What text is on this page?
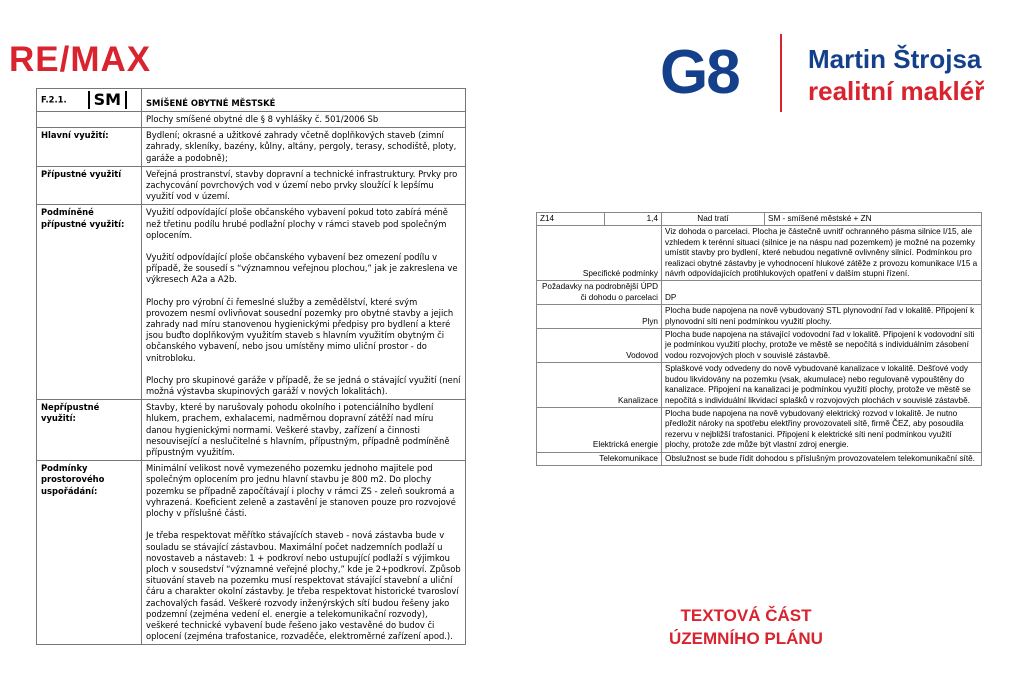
RE/MAX	G8	Martin Štrojsa
realitní makléř
F.2.1. SM	SMÍŠENÉ OBYTNÉ MĚSTSKÉ
	Plochy smíšené obytné dle § 8 vyhlášky č. 501/2006 Sb
Hlavní využití:	Bydlení; okrasné a užitkové zahrady včetně doplňkových staveb (zimní zahrady, skleníky, bazény, kůlny, altány, pergoly, terasy, schodiště, ploty, garáže a podobně);

Přípustné využití	Veřejná prostranství, stavby dopravní a technické infrastruktury. Prvky pro zachycování povrchových vod v území nebo prvky sloužící k lepšímu využití vod v území.

Podmíněné přípustné využití:	Využití odpovídající ploše občanského vybavení pokud toto zabírá méně než třetinu podílu hrubé podlažní plochy v rámci staveb pod společným oplocením.

Využití odpovídající ploše občanského vybavení bez omezení podílu v případě, že sousedí s “významnou veřejnou plochou,” jak je zakreslena ve výkresech A2a a A2b.

Plochy pro výrobní či řemeslné služby a zemědělství, které svým provozem nesmí ovlivňovat sousední pozemky pro obytné stavby a jejich zahrady nad míru stanovenou hygienickými předpisy pro bydlení a které jsou buďto doplňkovým využitím staveb s hlavním využitím obytným či občanského vybavení, nebo jsou umístěny mimo uliční prostor - do vnitrobloku.

Plochy pro skupinové garáže v případě, že se jedná o stávající využití (není možná výstavba skupinových garáží v nových lokalitách).

Nepřípustné využití:	Stavby, které by narušovaly pohodu okolního i potenciálního bydlení hlukem, prachem, exhalacemi, nadměrnou dopravní zátěží nad míru danou hygienickými normami. Veškeré stavby, zařízení a činnosti nesouvisející a neslučitelné s hlavním, přípustným, případně podmíněně přípustným využitím.

Podmínky prostorového uspořádání:	Minimální velikost nově vymezeného pozemku jednoho majitele pod společným oplocením pro jednu hlavní stavbu je 800 m2. Do plochy pozemku se případně započítávají i plochy v rámci ZS - zeleň soukromá a vyhrazená. Koeficient zeleně a zastavění je stanoven pouze pro rozvojové plochy v příslušné části.

Je třeba respektovat měřítko stávajících staveb - nová zástavba bude v souladu se stávající zástavbou. Maximální počet nadzemních podlaží u novostaveb a nástaveb: 1 + podkroví nebo ustupující podlaží s výjimkou ploch v sousedství “významné veřejné plochy,” kde je 2+podkroví. Způsob situování staveb na pozemku musí respektovat stávající stavební a uliční čáru a charakter okolní zástavby. Je třeba respektovat historické tvarosloví zachovalých fasád. Veškeré rozvody inženýrských sítí budou řešeny jako podzemní (zejména vedení el. energie a telekomunikační rozvody), veškeré technické vybavení bude řešeno jako vestavěné do budov či oplocení (zejména trafostanice, rozvaděče, elektroměrné zařízení apod.).

Z14	1,4	Nad tratí	SM - smíšené městské + ZN
Specifické podmínky		Viz dohoda o parcelaci. Plocha je částečně uvnitř ochranného pásma silnice I/15, ale vzhledem k terénní situaci (silnice je na náspu nad pozemkem) je možné na pozemky umístit stavby pro bydlení, které nebudou negativně ovlivněny silnicí. Podmínkou pro realizaci obytné zástavby je vyhodnocení hlukové zátěže z provozu komunikace I/15 a návrh odpovídajících protihlukových opatření v dalším stupni řízení.	
Požadavky na podrobnější ÚPD či dohodu o parcelaci		DP	
Plyn		Plocha bude napojena na nově vybudovaný STL plynovodní řad v lokalitě. Připojení k plynovodní síti není podmínkou využití plochy.	
Vodovod		Plocha bude napojena na stávající vodovodní řad v lokalitě. Připojení k vodovodní síti je podmínkou využití plochy, protože ve městě se nepočítá s individuálním zásobení vodou rozvojových ploch v souvislé zástavbě.	
Kanalizace		Splaškové vody odvedeny do nově vybudované kanalizace v lokalitě. Dešťové vody budou likvidovány na pozemku (vsak, akumulace) nebo regulovaně vypouštěny do kanalizace. Připojení na kanalizaci je podmínkou využití plochy, protože ve městě se nepočítá s individuální likvidací splašků v rozvojových plochách v souvislé zástavbě.	
Elektrická energie		Plocha bude napojena na nově vybudovaný elektrický rozvod v lokalitě. Je nutno předložit nároky na spotřebu elektřiny provozovateli sítě, firmě ČEZ, aby posoudila rezervu v nejbližší trafostanici. Připojení k elektrické síti není podmínkou využití plochy, protože zde může být vlastní zdroj energie.	
Telekomunikace		Obslužnost se bude řídit dohodou s příslušným provozovatelem telekomunikační sítě.	
TEXTOVÁ ČÁST
ÚZEMNÍHO PLÁNU
